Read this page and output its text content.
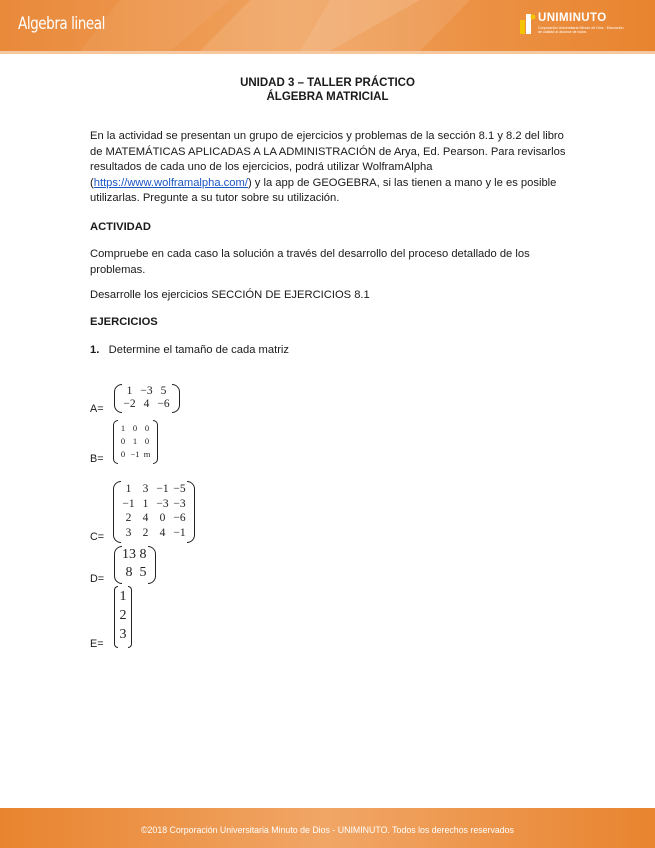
Algebra lineal	UNIMINUTO
Corporación Universitaria Minuto de Dios · Educación de calidad al alcance de todos
UNIDAD 3 – TALLER PRÁCTICO
ÁLGEBRA MATRICIAL

En la actividad se presentan un grupo de ejercicios y problemas de la sección 8.1 y 8.2 del libro de MATEMÁTICAS APLICADAS A LA ADMINISTRACIÓN de Arya, Ed. Pearson. Para revisarlos resultados de cada uno de los ejercicios, podrá utilizar WolframAlpha (https://www.wolframalpha.com/) y la app de GEOGEBRA, si las tienen a mano y le es posible utilizarlas. Pregunte a su tutor sobre su utilización.

ACTIVIDAD

Compruebe en cada caso la solución a través del desarrollo del proceso detallado de los problemas.

Desarrolle los ejercicios SECCIÓN DE EJERCICIOS 8.1

EJERCICIOS

1. Determine el tamaño de cada matriz

A=
1 −3 5
−2 4 −6
B=
1 0 0
0 1 0
0 −1 m
C=
1 3 −1 −5
−1 1 −3 −3
2 4 0 −6
3 2 4 −1
D=
13 8
8 5
E=
1
2
3
©2018 Corporación Universitaria Minuto de Dios - UNIMINUTO. Todos los derechos reservados
